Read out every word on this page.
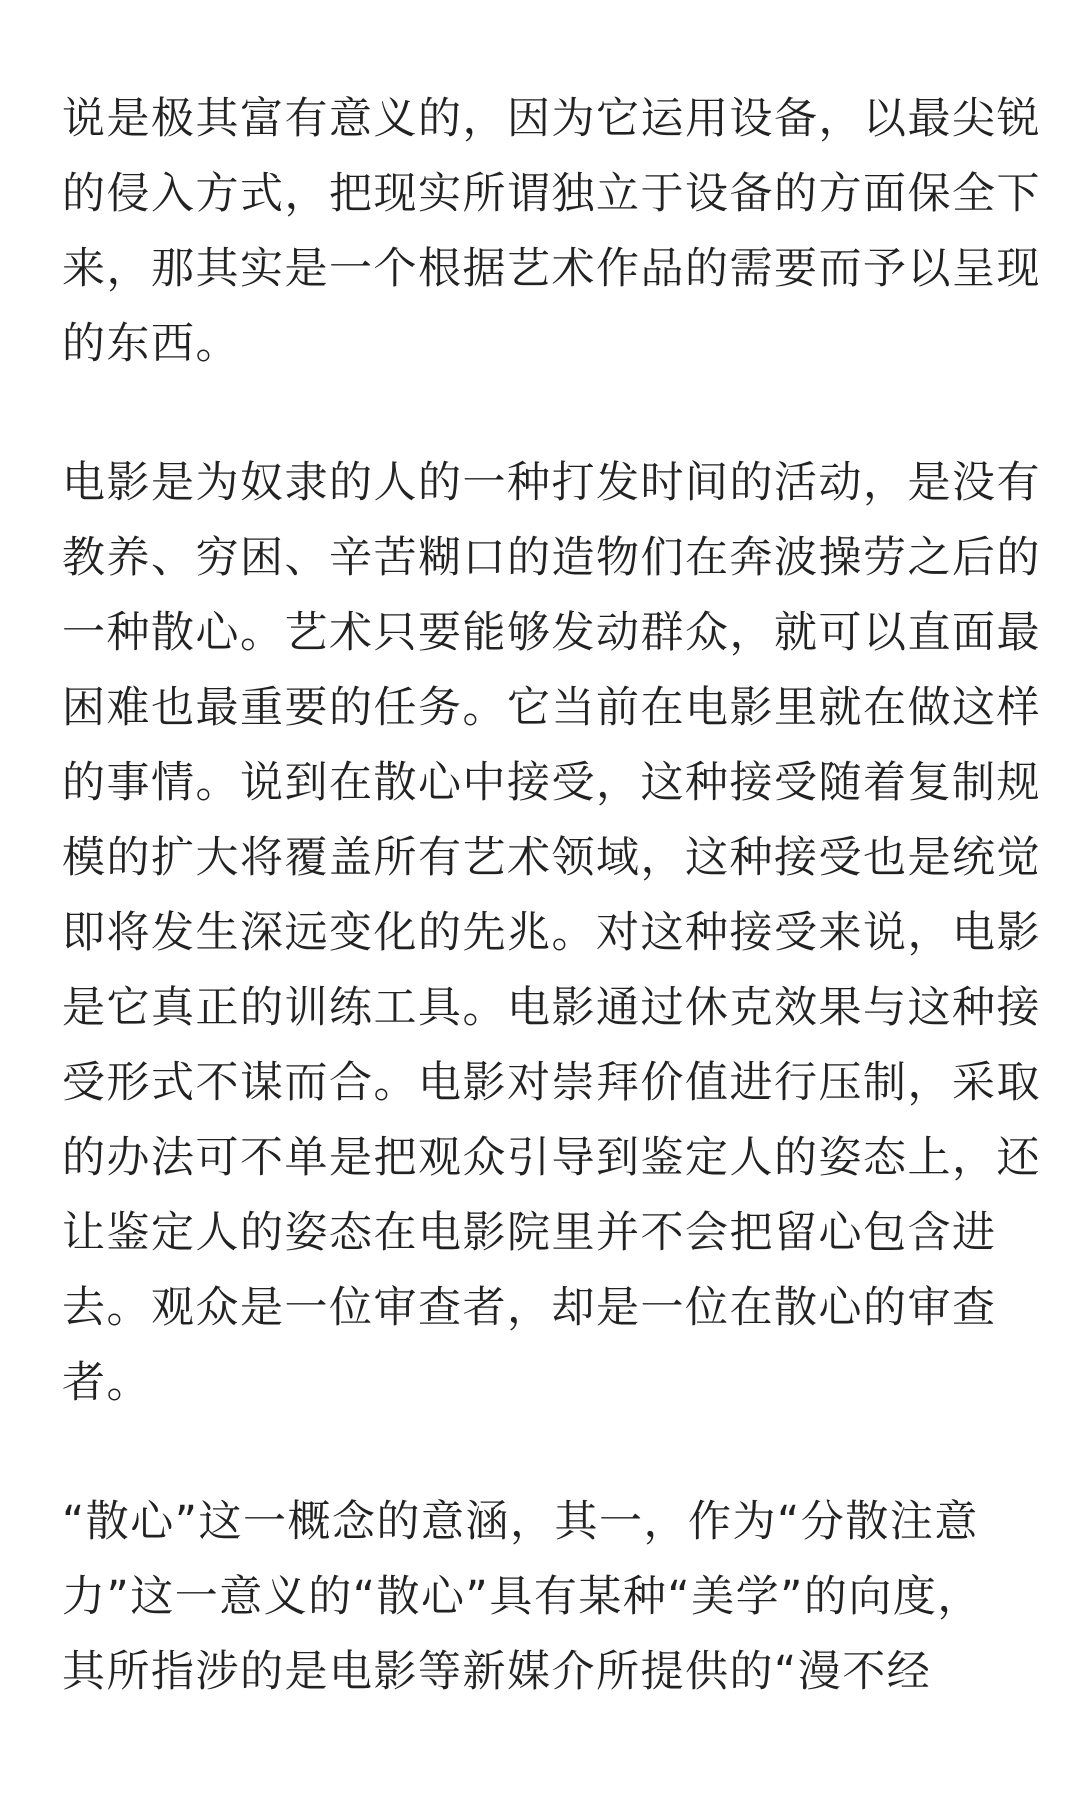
说是极其富有意义的，因为它运用设备，以最尖锐
的侵入方式，把现实所谓独立于设备的方面保全下
来，那其实是一个根据艺术作品的需要而予以呈现
的东西。

电影是为奴隶的人的一种打发时间的活动，是没有
教养、穷困、辛苦糊口的造物们在奔波操劳之后的
一种散心。艺术只要能够发动群众，就可以直面最
困难也最重要的任务。它当前在电影里就在做这样
的事情。说到在散心中接受，这种接受随着复制规
模的扩大将覆盖所有艺术领域，这种接受也是统觉
即将发生深远变化的先兆。对这种接受来说，电影
是它真正的训练工具。电影通过休克效果与这种接
受形式不谋而合。电影对崇拜价值进行压制，采取
的办法可不单是把观众引导到鉴定人的姿态上，还
让鉴定人的姿态在电影院里并不会把留心包含进
去。观众是一位审查者，却是一位在散心的审查
者。

“散心”这一概念的意涵，其一，作为“分散注意
力”这一意义的“散心”具有某种“美学”的向度，
其所指涉的是电影等新媒介所提供的“漫不经
